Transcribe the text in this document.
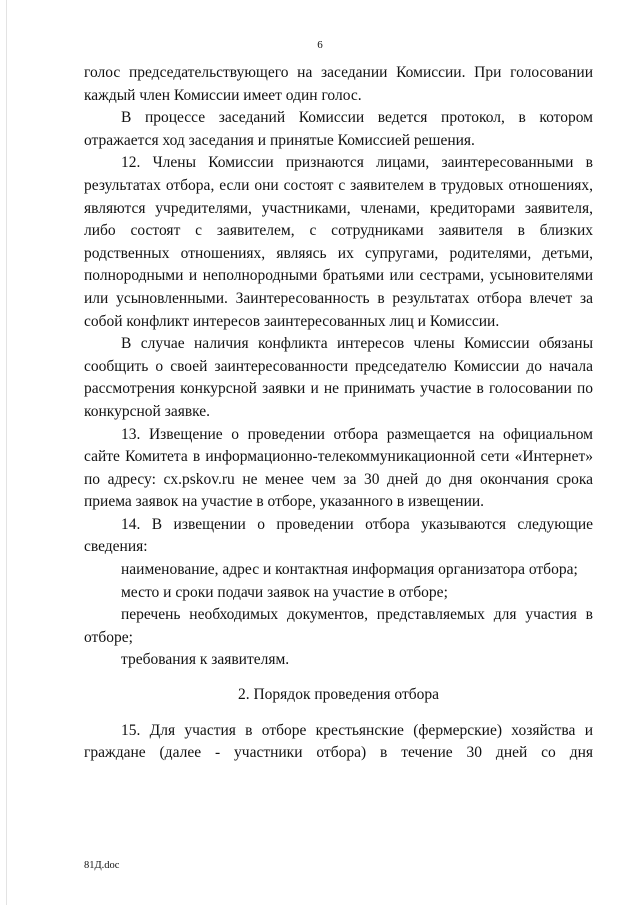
6

голос председательствующего на заседании Комиссии. При голосовании каждый член Комиссии имеет один голос.

В процессе заседаний Комиссии ведется протокол, в котором отражается ход заседания и принятые Комиссией решения.

12. Члены Комиссии признаются лицами, заинтересованными в результатах отбора, если они состоят с заявителем в трудовых отношениях, являются учредителями, участниками, членами, кредиторами заявителя, либо состоят с заявителем, с сотрудниками заявителя в близких родственных отношениях, являясь их супругами, родителями, детьми, полнородными и неполнородными братьями или сестрами, усыновителями или усыновленными. Заинтересованность в результатах отбора влечет за собой конфликт интересов заинтересованных лиц и Комиссии.

В случае наличия конфликта интересов члены Комиссии обязаны сообщить о своей заинтересованности председателю Комиссии до начала рассмотрения конкурсной заявки и не принимать участие в голосовании по конкурсной заявке.

13. Извещение о проведении отбора размещается на официальном сайте Комитета в информационно-телекоммуникационной сети «Интернет» по адресу: cx.pskov.ru не менее чем за 30 дней до дня окончания срока приема заявок на участие в отборе, указанного в извещении.

14. В извещении о проведении отбора указываются следующие сведения:

наименование, адрес и контактная информация организатора отбора;

место и сроки подачи заявок на участие в отборе;

перечень необходимых документов, представляемых для участия в отборе;

требования к заявителям.

2. Порядок проведения отбора

15. Для участия в отборе крестьянские (фермерские) хозяйства и граждане (далее - участники отбора) в течение 30 дней со дня

81Д.doc
